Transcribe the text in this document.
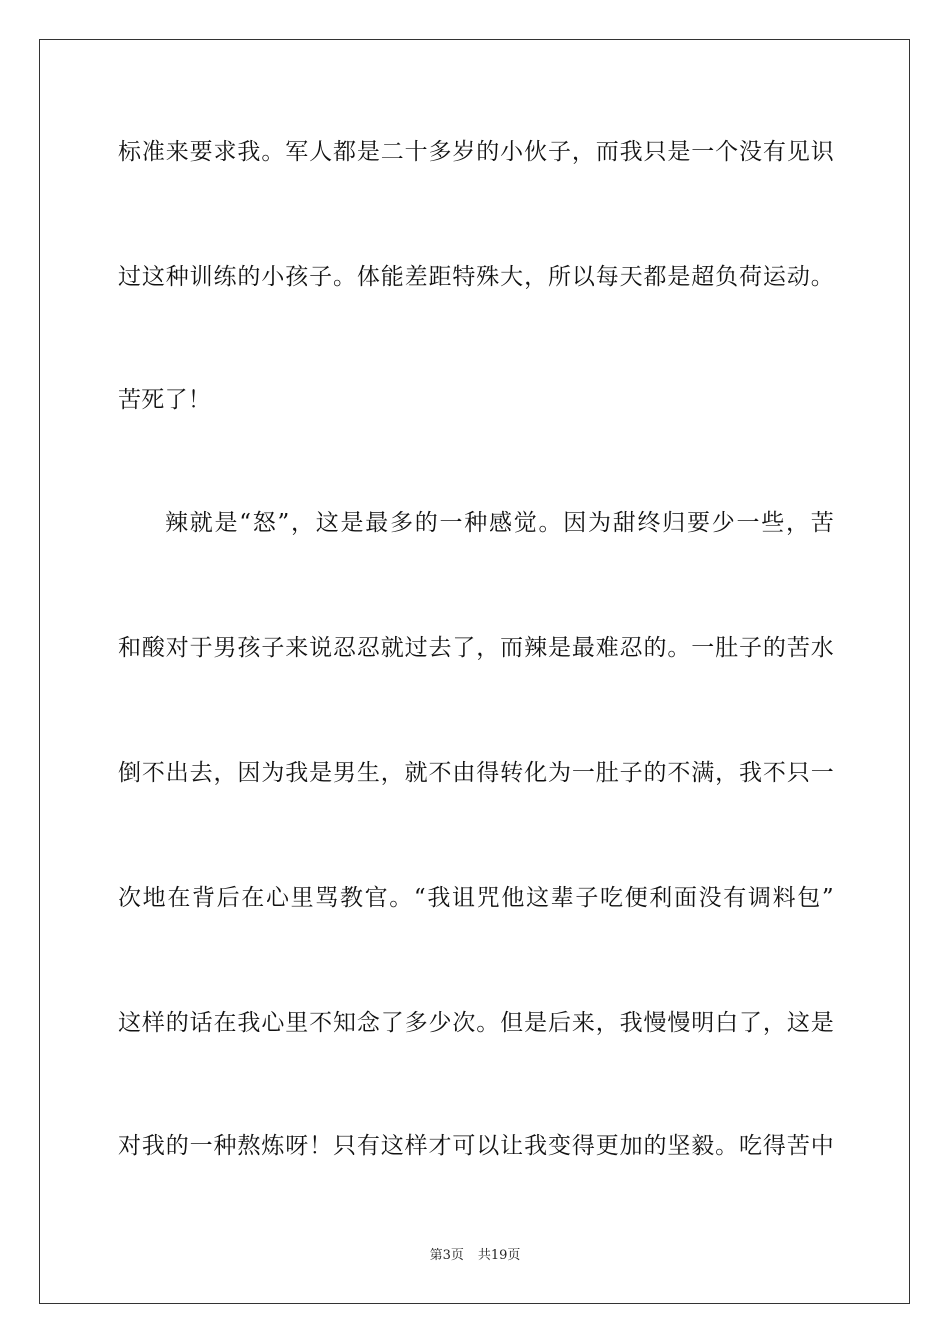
标准来要求我。军人都是二十多岁的小伙子，而我只是一个没有见识
过这种训练的小孩子。体能差距特殊大，所以每天都是超负荷运动。
苦死了！
辣就是“怒”，这是最多的一种感觉。因为甜终归要少一些，苦
和酸对于男孩子来说忍忍就过去了，而辣是最难忍的。一肚子的苦水
倒不出去，因为我是男生，就不由得转化为一肚子的不满，我不只一
次地在背后在心里骂教官。“我诅咒他这辈子吃便利面没有调料包”
这样的话在我心里不知念了多少次。但是后来，我慢慢明白了，这是
对我的一种熬炼呀！只有这样才可以让我变得更加的坚毅。吃得苦中
第3页 共19页
